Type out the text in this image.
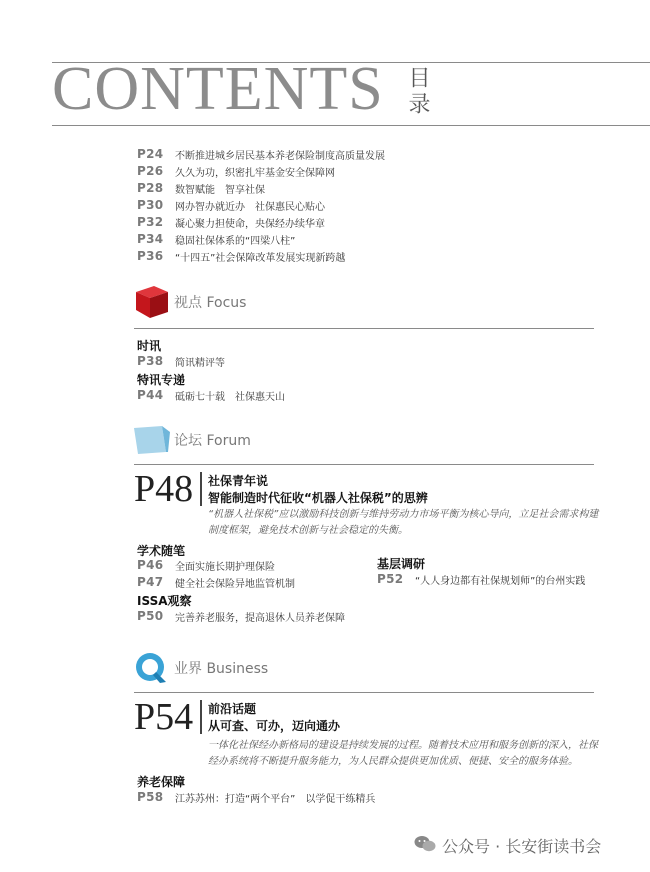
CONTENTS 目录
P24	不断推进城乡居民基本养老保险制度高质量发展
P26	久久为功，织密扎牢基金安全保障网
P28	数智赋能　智享社保
P30	网办智办就近办　社保惠民心贴心
P32	凝心聚力担使命，央保经办续华章
P34	稳固社保体系的“四梁八柱”
P36	“十四五”社会保障改革发展实现新跨越
视点 Focus
时讯
P38	简讯精评等
特讯专递
P44	砥砺七十载　社保惠天山
论坛 Forum
P48 社保青年说
智能制造时代征收“机器人社保税”的思辨
“机器人社保税”应以激励科技创新与维持劳动力市场平衡为核心导向，立足社会需求构建制度框架，避免技术创新与社会稳定的失衡。
学术随笔
P46	全面实施长期护理保险
P47	健全社会保险异地监管机制
ISSA观察
P50	完善养老服务，提高退休人员养老保障
基层调研
P52	“人人身边都有社保规划师”的台州实践
业界 Business
P54 前沿话题
从可查、可办，迈向通办
一体化社保经办新格局的建设是持续发展的过程。随着技术应用和服务创新的深入，社保经办系统将不断提升服务能力，为人民群众提供更加优质、便捷、安全的服务体验。
养老保障
P58	江苏苏州：打造“两个平台”　以学促干练精兵
公众号 · 长安街读书会
